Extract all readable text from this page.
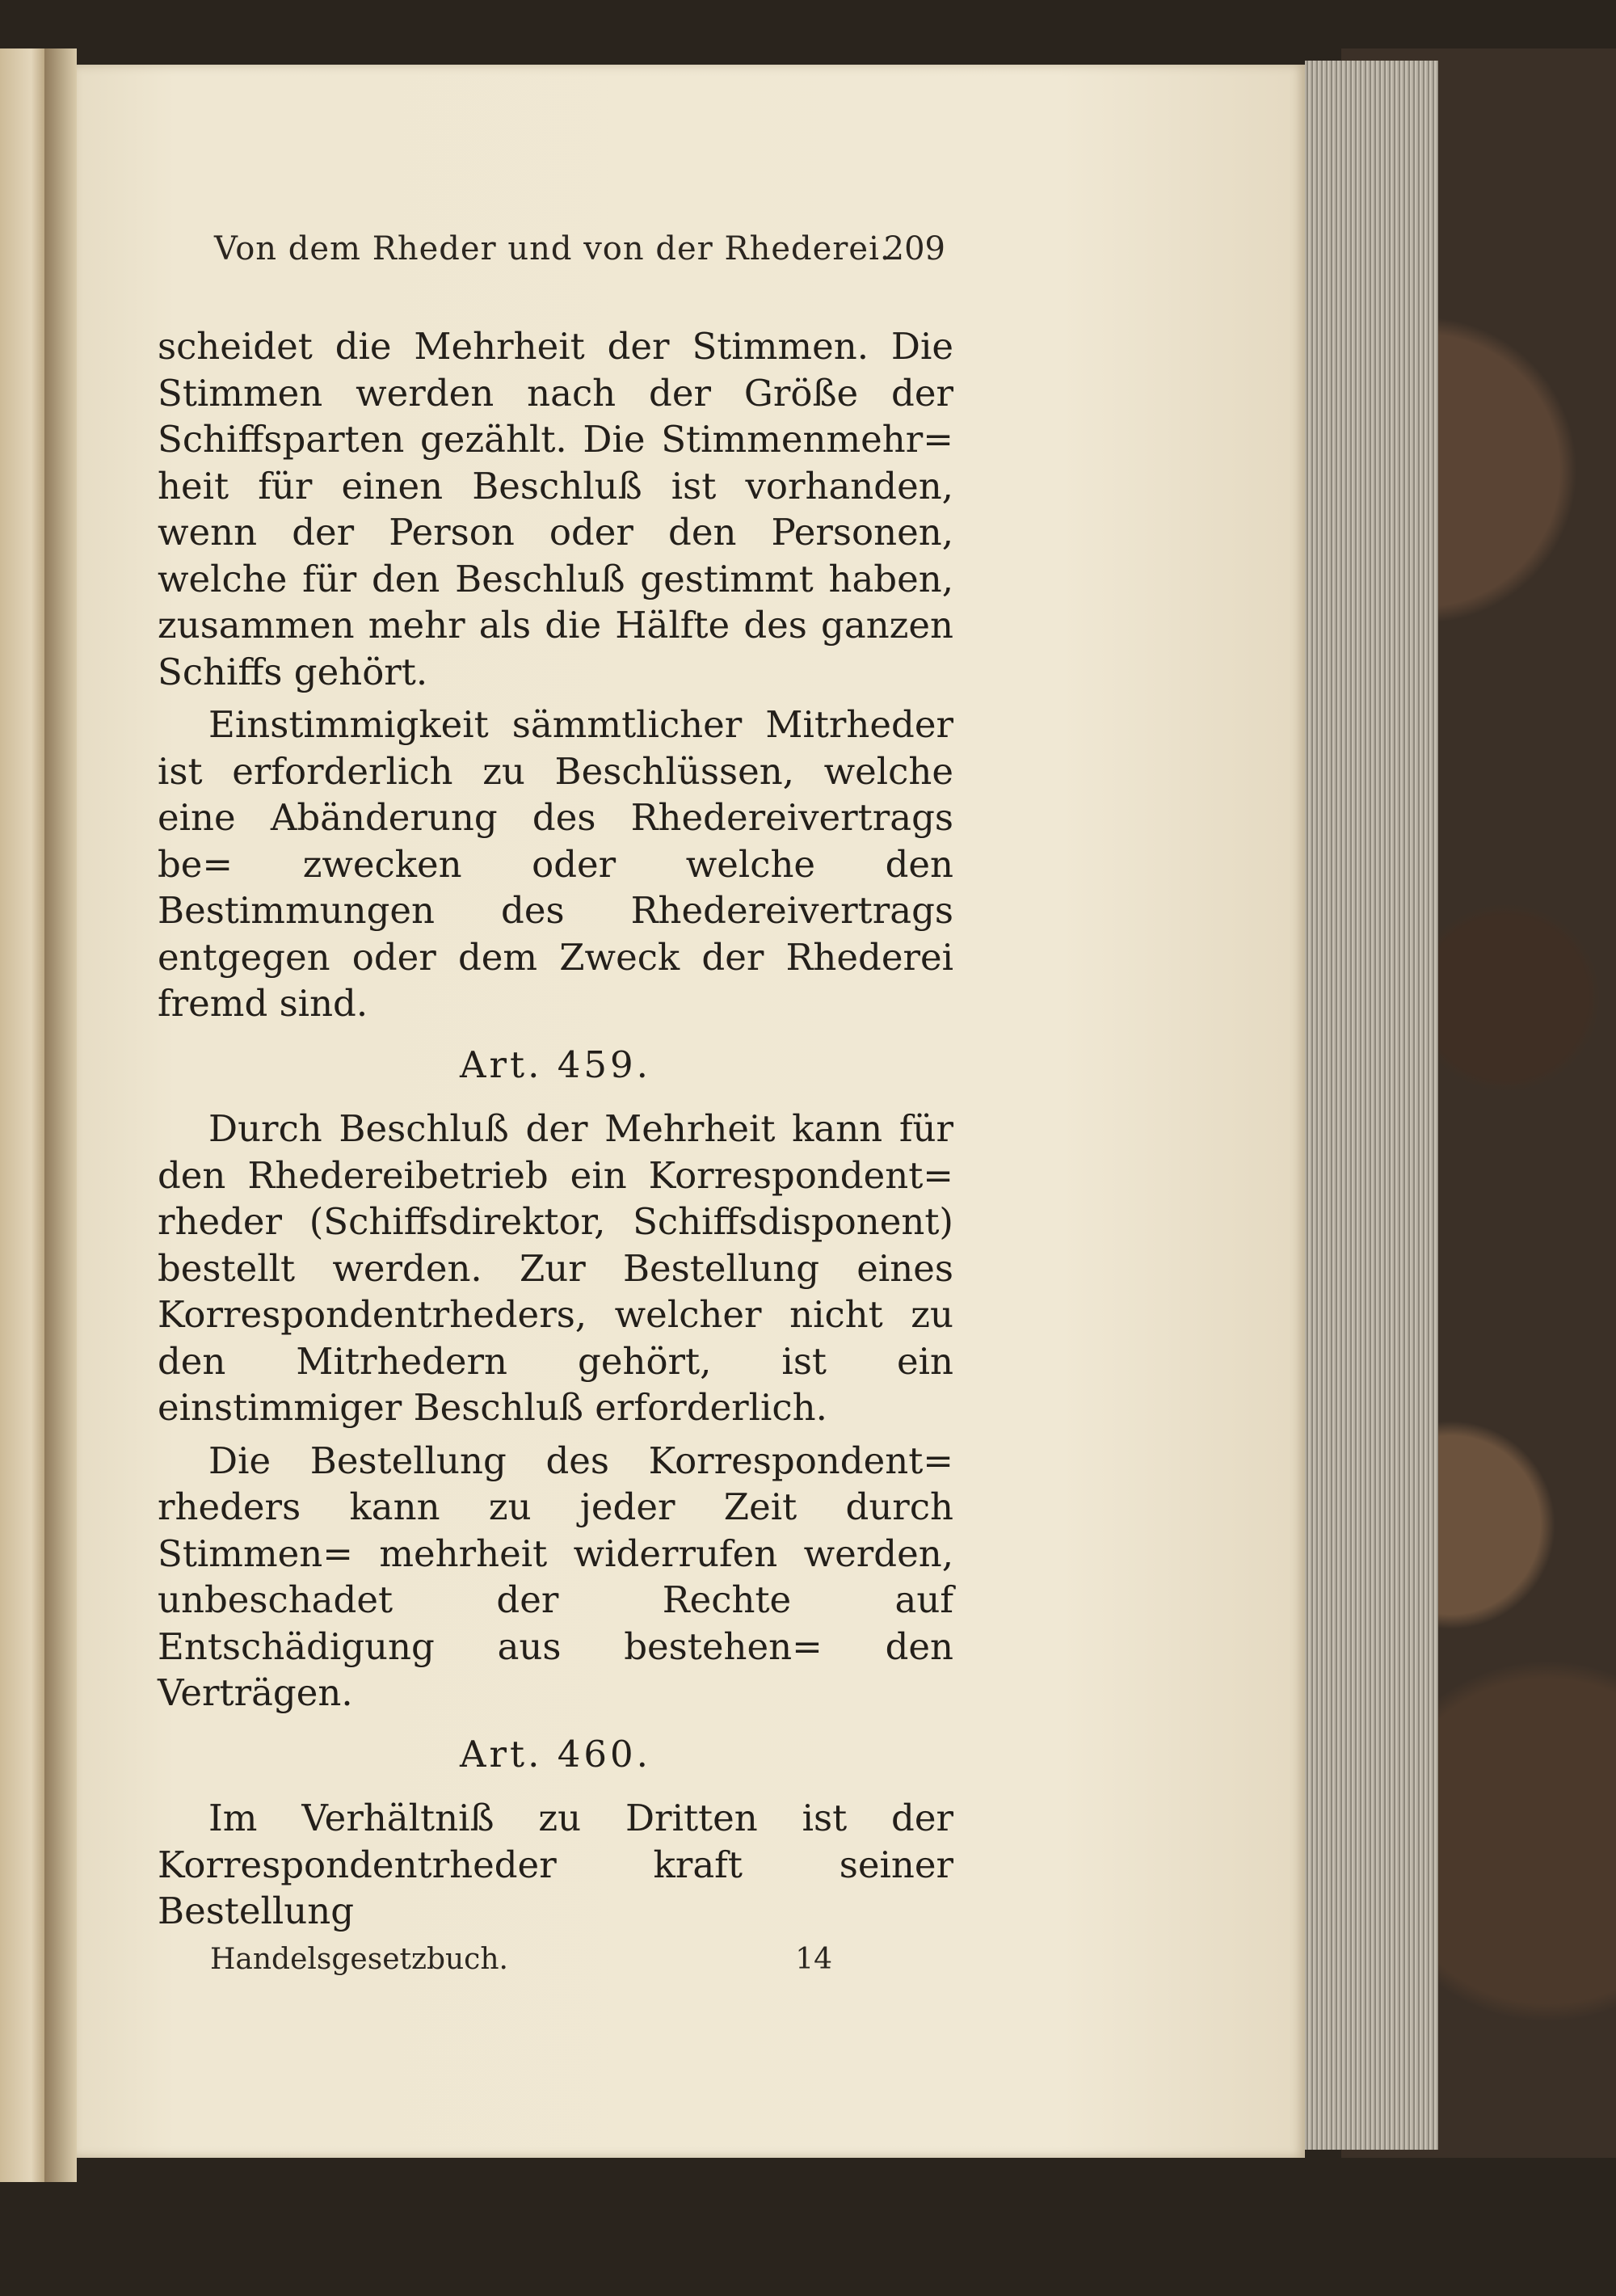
Von dem Rheder und von der Rhederei.
209

scheidet die Mehrheit der Stimmen. Die Stimmen werden nach der Größe der Schiffsparten gezählt. Die Stimmenmehr= heit für einen Beschluß ist vorhanden, wenn der Person oder den Personen, welche für den Beschluß gestimmt haben, zusammen mehr als die Hälfte des ganzen Schiffs gehört.

Einstimmigkeit sämmtlicher Mitrheder ist erforderlich zu Beschlüssen, welche eine Abänderung des Rhedereivertrags be= zwecken oder welche den Bestimmungen des Rhedereivertrags entgegen oder dem Zweck der Rhederei fremd sind.

Art. 459.

Durch Beschluß der Mehrheit kann für den Rhedereibetrieb ein Korrespondent= rheder (Schiffsdirektor, Schiffsdisponent) bestellt werden. Zur Bestellung eines Korrespondentrheders, welcher nicht zu den Mitrhedern gehört, ist ein einstimmiger Beschluß erforderlich.

Die Bestellung des Korrespondent= rheders kann zu jeder Zeit durch Stimmen= mehrheit widerrufen werden, unbeschadet	der Rechte auf Entschädigung aus bestehen= den Verträgen.

Art. 460.

Im Verhältniß zu Dritten ist der Korrespondentrheder kraft seiner Bestellung

Handelsgesetzbuch.	14
